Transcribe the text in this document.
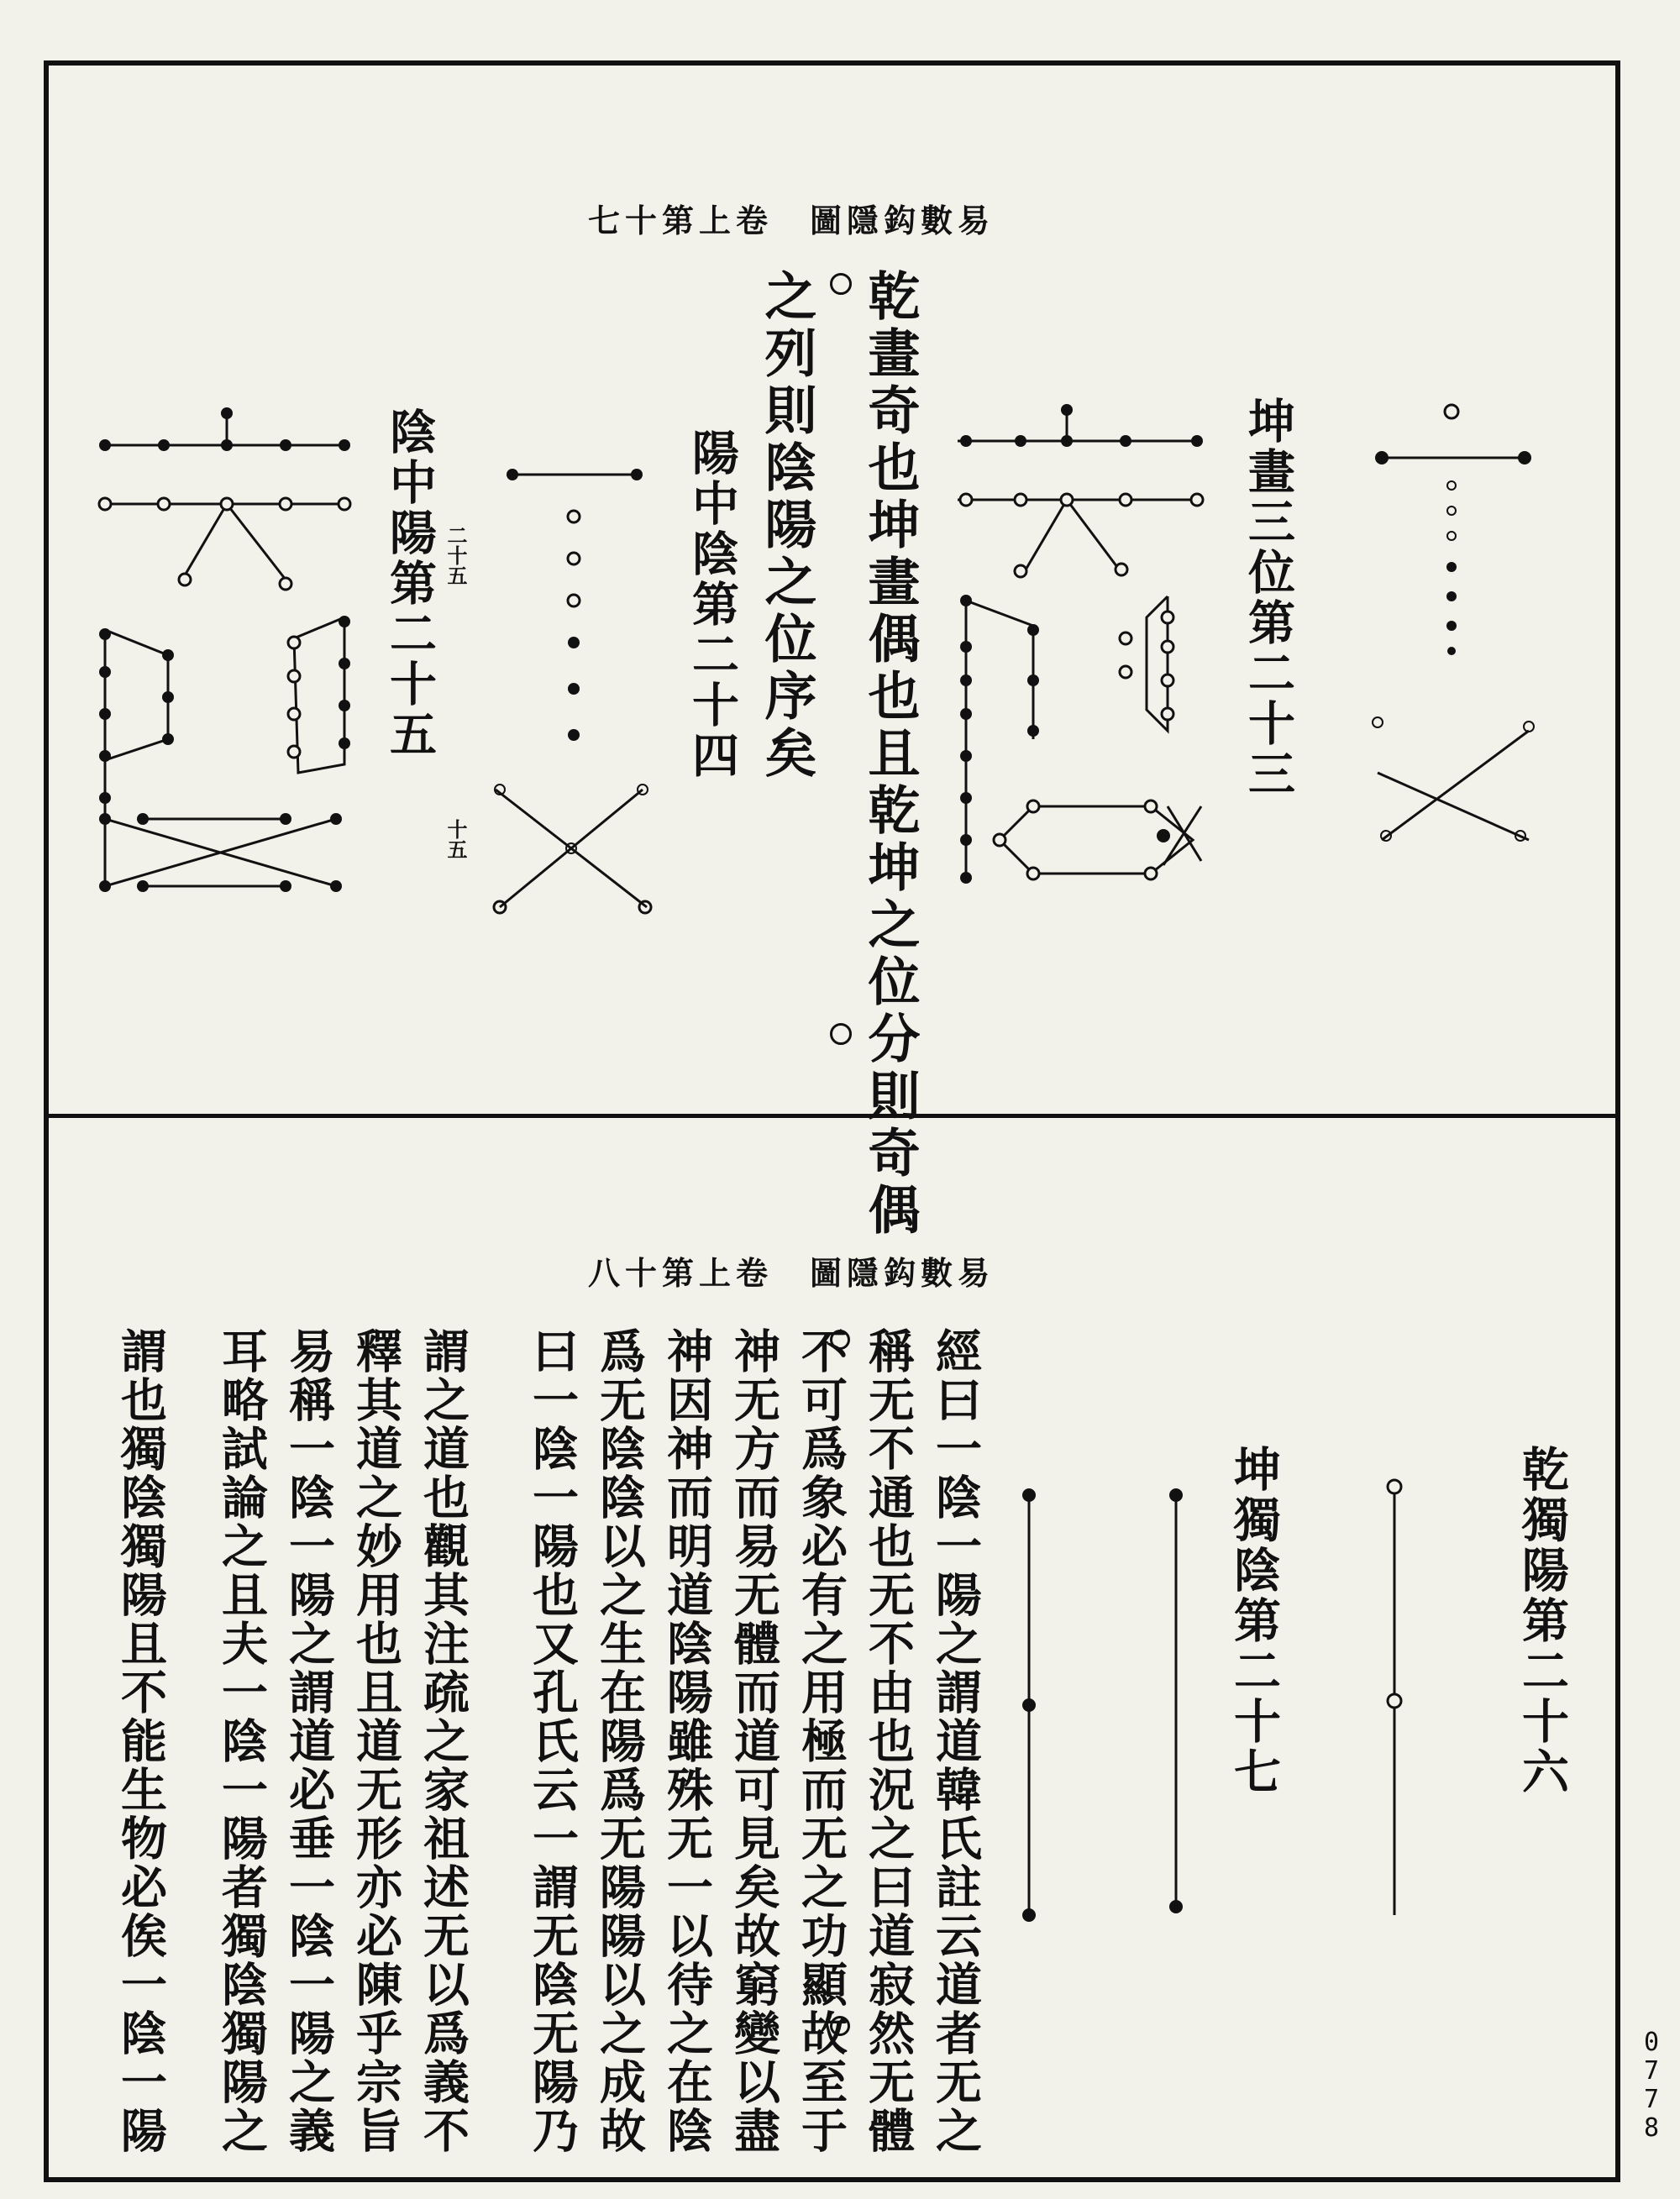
易數鈎隱圖　卷上第十七
乾畫奇也坤畫偶也且乾坤之位分則奇偶
之列則陰陽之位序矣	坤畫三位第二十三
陽中陰第二十四
陰中陽第二十五 二十五
十五
易數鈎隱圖　卷上第十八
乾獨陽第二十六
坤獨陰第二十七
經曰一陰一陽之謂道韓氏註云道者无之
稱无不通也无不由也況之曰道寂然无體
不可爲象必有之用極而无之功顯故至于
神无方而易无體而道可見矣故窮變以盡
神因神而明道陰陽雖殊无一以待之在陰
爲无陰陰以之生在陽爲无陽陽以之成故
曰一陰一陽也又孔氏云一謂无陰无陽乃
謂之道也觀其注疏之家祖述无以爲義不
釋其道之妙用也且道无形亦必陳乎宗旨
易稱一陰一陽之謂道必垂一陰一陽之義
耳略試論之且夫一陰一陽者獨陰獨陽之
謂也獨陰獨陽且不能生物必俟一陰一陽	0
7
7
8
